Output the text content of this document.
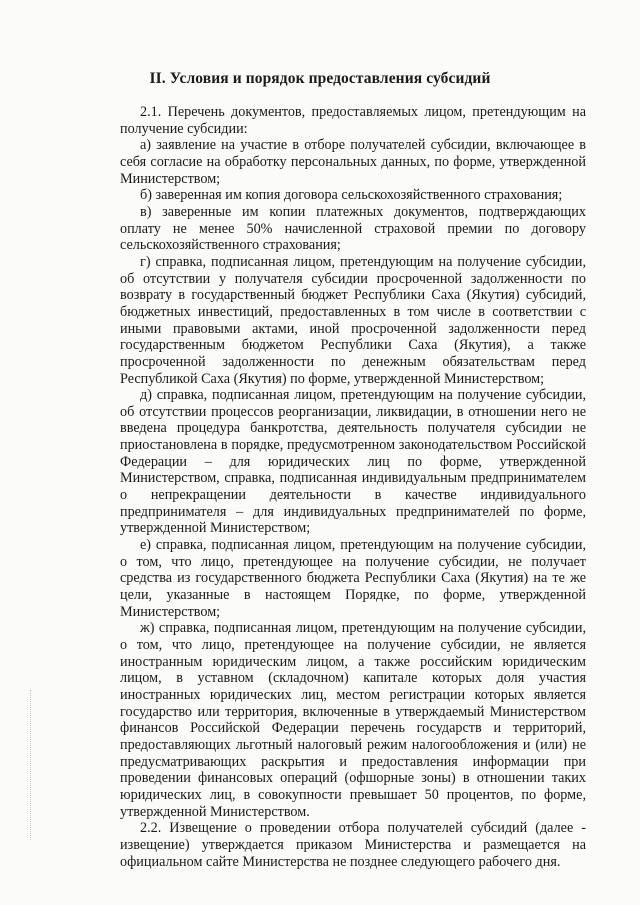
II. Условия и порядок предоставления субсидий

2.1. Перечень документов, предоставляемых лицом, претендующим на получение субсидии:

а) заявление на участие в отборе получателей субсидии, включающее в себя согласие на обработку персональных данных, по форме, утвержденной Министерством;

б) заверенная им копия договора сельскохозяйственного страхования;

в) заверенные им копии платежных документов, подтверждающих оплату не менее 50% начисленной страховой премии по договору сельскохозяйственного страхования;

г) справка, подписанная лицом, претендующим на получение субсидии, об отсутствии у получателя субсидии просроченной задолженности по возврату в государственный бюджет Республики Саха (Якутия) субсидий, бюджетных инвестиций, предоставленных в том числе в соответствии с иными правовыми актами, иной просроченной задолженности перед государственным бюджетом Республики Саха (Якутия), а также просроченной задолженности по денежным обязательствам перед Республикой Саха (Якутия) по форме, утвержденной Министерством;

д) справка, подписанная лицом, претендующим на получение субсидии, об отсутствии процессов реорганизации, ликвидации, в отношении него не введена процедура банкротства, деятельность получателя субсидии не приостановлена в порядке, предусмотренном законодательством Российской Федерации – для юридических лиц по форме, утвержденной Министерством, справка, подписанная индивидуальным предпринимателем о непрекращении деятельности в качестве индивидуального предпринимателя – для индивидуальных предпринимателей по форме, утвержденной Министерством;

е) справка, подписанная лицом, претендующим на получение субсидии, о том, что лицо, претендующее на получение субсидии, не получает средства из государственного бюджета Республики Саха (Якутия) на те же цели, указанные в настоящем Порядке, по форме, утвержденной Министерством;

ж) справка, подписанная лицом, претендующим на получение субсидии, о том, что лицо, претендующее на получение субсидии, не является иностранным юридическим лицом, а также российским юридическим лицом, в уставном (складочном) капитале которых доля участия иностранных юридических лиц, местом регистрации которых является государство или территория, включенные в утверждаемый Министерством финансов Российской Федерации перечень государств и территорий, предоставляющих льготный налоговый режим налогообложения и (или) не предусматривающих раскрытия и предоставления информации при проведении финансовых операций (офшорные зоны) в отношении таких юридических лиц, в совокупности превышает 50 процентов, по форме, утвержденной Министерством.

2.2. Извещение о проведении отбора получателей субсидий (далее - извещение) утверждается приказом Министерства и размещается на официальном сайте Министерства не позднее следующего рабочего дня.
